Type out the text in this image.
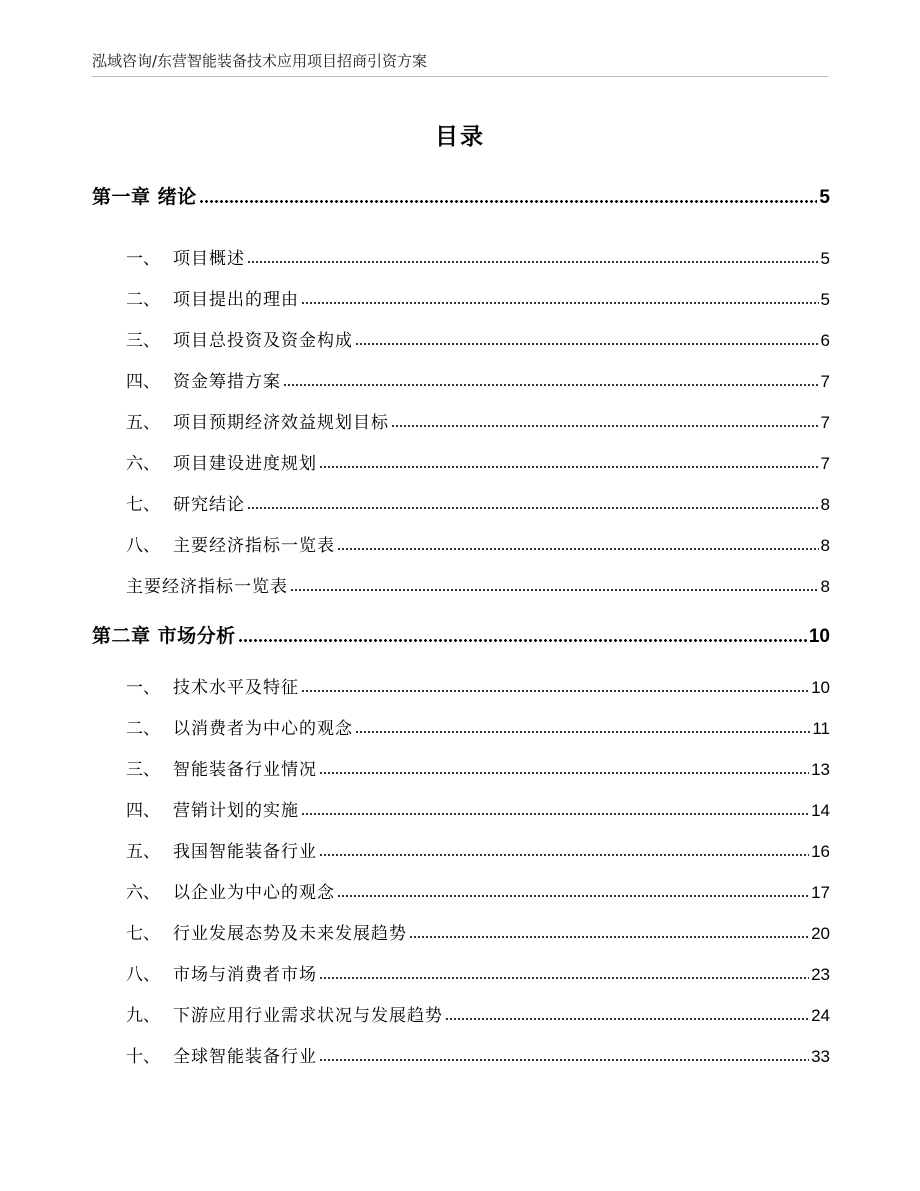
泓域咨询/东营智能装备技术应用项目招商引资方案
目录
第一章 绪论	5
一、 项目概述	5
二、 项目提出的理由	5
三、 项目总投资及资金构成	6
四、 资金筹措方案	7
五、 项目预期经济效益规划目标	7
六、 项目建设进度规划	7
七、 研究结论	8
八、 主要经济指标一览表	8
主要经济指标一览表	8
第二章 市场分析	10
一、 技术水平及特征	10
二、 以消费者为中心的观念	11
三、 智能装备行业情况	13
四、 营销计划的实施	14
五、 我国智能装备行业	16
六、 以企业为中心的观念	17
七、 行业发展态势及未来发展趋势	20
八、 市场与消费者市场	23
九、 下游应用行业需求状况与发展趋势	24
十、 全球智能装备行业	33
